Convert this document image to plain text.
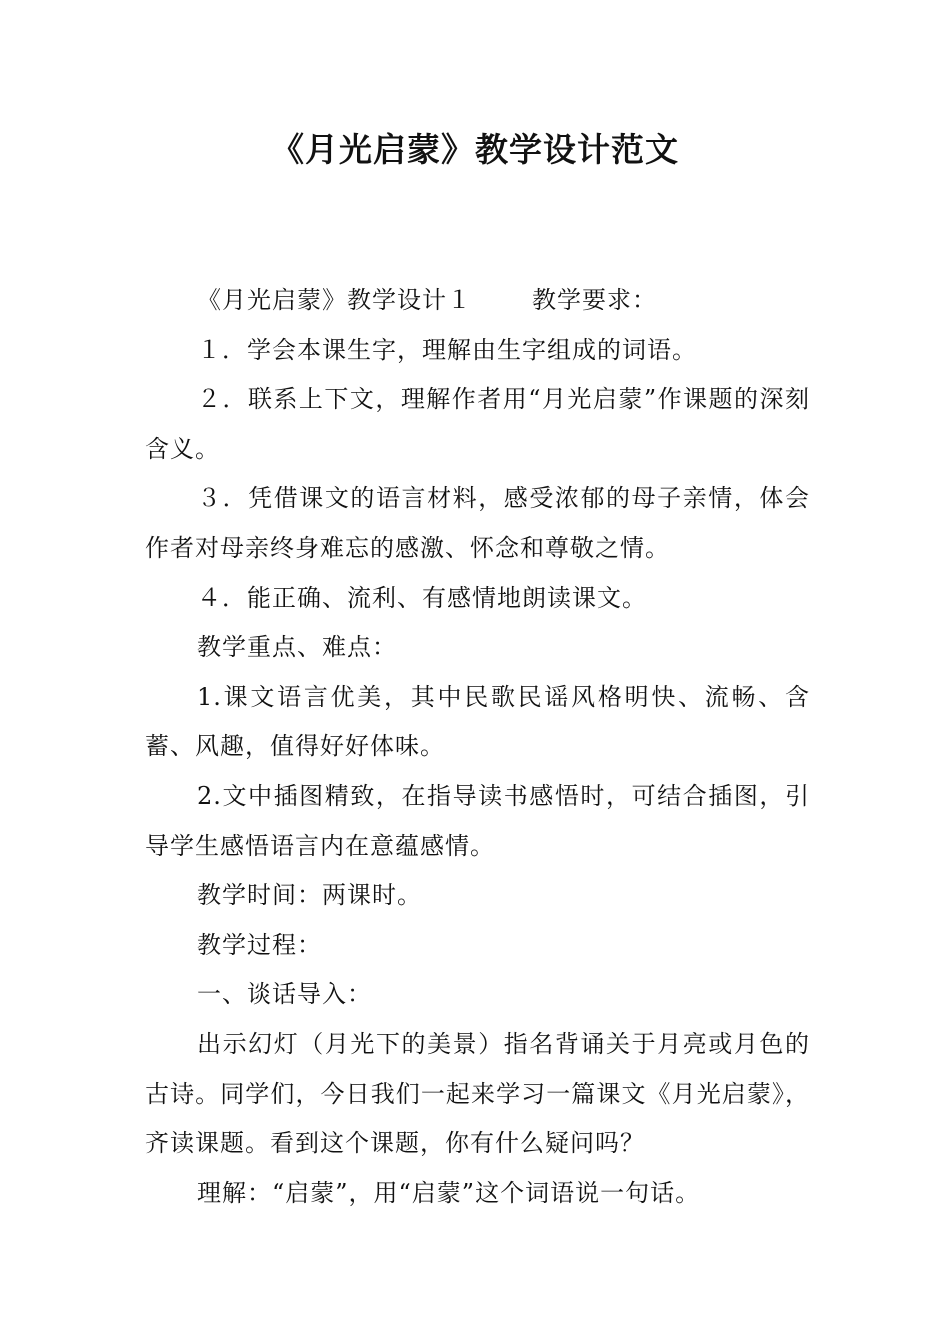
《月光启蒙》教学设计范文

《月光启蒙》教学设计１	教学要求：

１．学会本课生字，理解由生字组成的词语。

２．联系上下文，理解作者用“月光启蒙”作课题的深刻含义。

３．凭借课文的语言材料，感受浓郁的母子亲情，体会作者对母亲终身难忘的感激、怀念和尊敬之情。

４．能正确、流利、有感情地朗读课文。

教学重点、难点：

1.课文语言优美，其中民歌民谣风格明快、流畅、含蓄、风趣，值得好好体味。

2.文中插图精致，在指导读书感悟时，可结合插图，引导学生感悟语言内在意蕴感情。

教学时间：两课时。

教学过程：

一、谈话导入：

出示幻灯（月光下的美景）指名背诵关于月亮或月色的古诗。同学们，今日我们一起来学习一篇课文《月光启蒙》，齐读课题。看到这个课题，你有什么疑问吗？

理解：“启蒙”，用“启蒙”这个词语说一句话。
